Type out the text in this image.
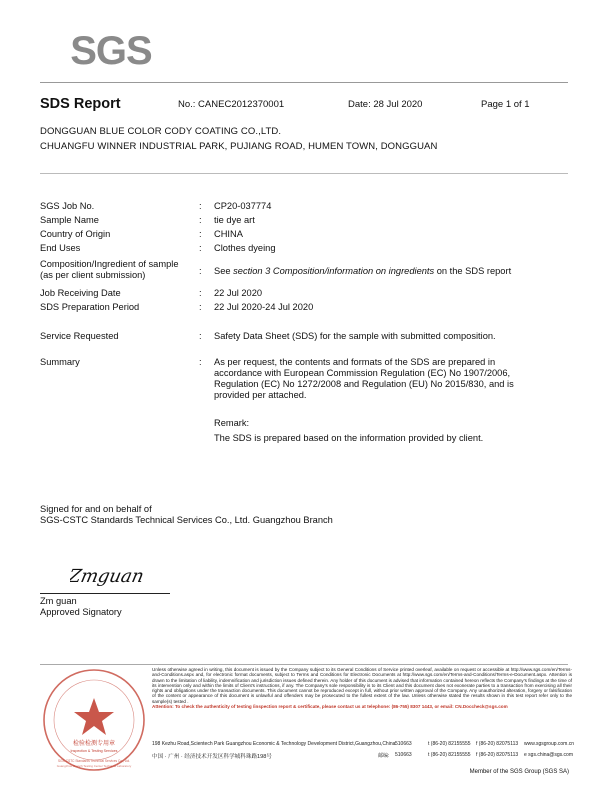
SGS
SDS Report	No.: CANEC2012370001	Date: 28 Jul 2020	Page 1 of 1
DONGGUAN BLUE COLOR CODY COATING CO.,LTD.
CHUANGFU WINNER INDUSTRIAL PARK, PUJIANG ROAD, HUMEN TOWN, DONGGUAN
SGS Job No.	: CP20-037774
Sample Name	: tie dye art
Country of Origin	: CHINA
End Uses	: Clothes dyeing
Composition/Ingredient of sample
(as per client submission)	: See section 3 Composition/information on ingredients on the SDS report
Job Receiving Date	: 22 Jul 2020
SDS Preparation Period	: 22 Jul 2020-24 Jul 2020
Service Requested	: Safety Data Sheet (SDS) for the sample with submitted composition.
Summary	: As per request, the contents and formats of the SDS are prepared in
accordance with European Commission Regulation (EC) No 1907/2006,
Regulation (EC) No 1272/2008 and Regulation (EU) No 2015/830, and is
provided per attached.
Remark:
The SDS is prepared based on the information provided by client.
Signed for and on behalf of
SGS-CSTC Standards Technical Services Co., Ltd. Guangzhou Branch
Zmguan
Zm guan
Approved Signatory
检验检测专用章
Inspection & Testing Services
SGS-CSTC Standards Technical Services Co., Ltd.
Guangzhou Branch Testing Center Technical Laboratory
Unless otherwise agreed in writing, this document is issued by the Company subject to its General Conditions of Service printed overleaf, available on request or accessible at http://www.sgs.com/en/Terms-and-Conditions.aspx and, for electronic format documents, subject to Terms and Conditions for Electronic Documents at http://www.sgs.com/en/Terms-and-Conditions/Terms-e-Document.aspx. Attention is drawn to the limitation of liability, indemnification and jurisdiction issues defined therein. Any holder of this document is advised that information contained hereon reflects the Company's findings at the time of its intervention only and within the limits of Client's instructions, if any. The Company's sole responsibility is to its Client and this document does not exonerate parties to a transaction from exercising all their rights and obligations under the transaction documents. This document cannot be reproduced except in full, without prior written approval of the Company. Any unauthorized alteration, forgery or falsification of the content or appearance of this document is unlawful and offenders may be prosecuted to the fullest extent of the law. Unless otherwise stated the results shown in this test report refer only to the sample(s) tested .
Attention: To check the authenticity of testing /inspection report & certificate, please contact us at telephone: (86-755) 8307 1443, or email: CN.Doccheck@sgs.com
198 Kezhu Road,Scientech Park Guangzhou Economic & Technology Development District,Guangzhou,China 510663	t (86-20) 82155555 f (86-20) 82075113 www.sgsgroup.com.cn
中国 · 广州 · 经济技术开发区科学城科珠路198号	邮编: 510663	t (86-20) 82155555 f (86-20) 82075113 e sgs.china@sgs.com
Member of the SGS Group (SGS SA)
